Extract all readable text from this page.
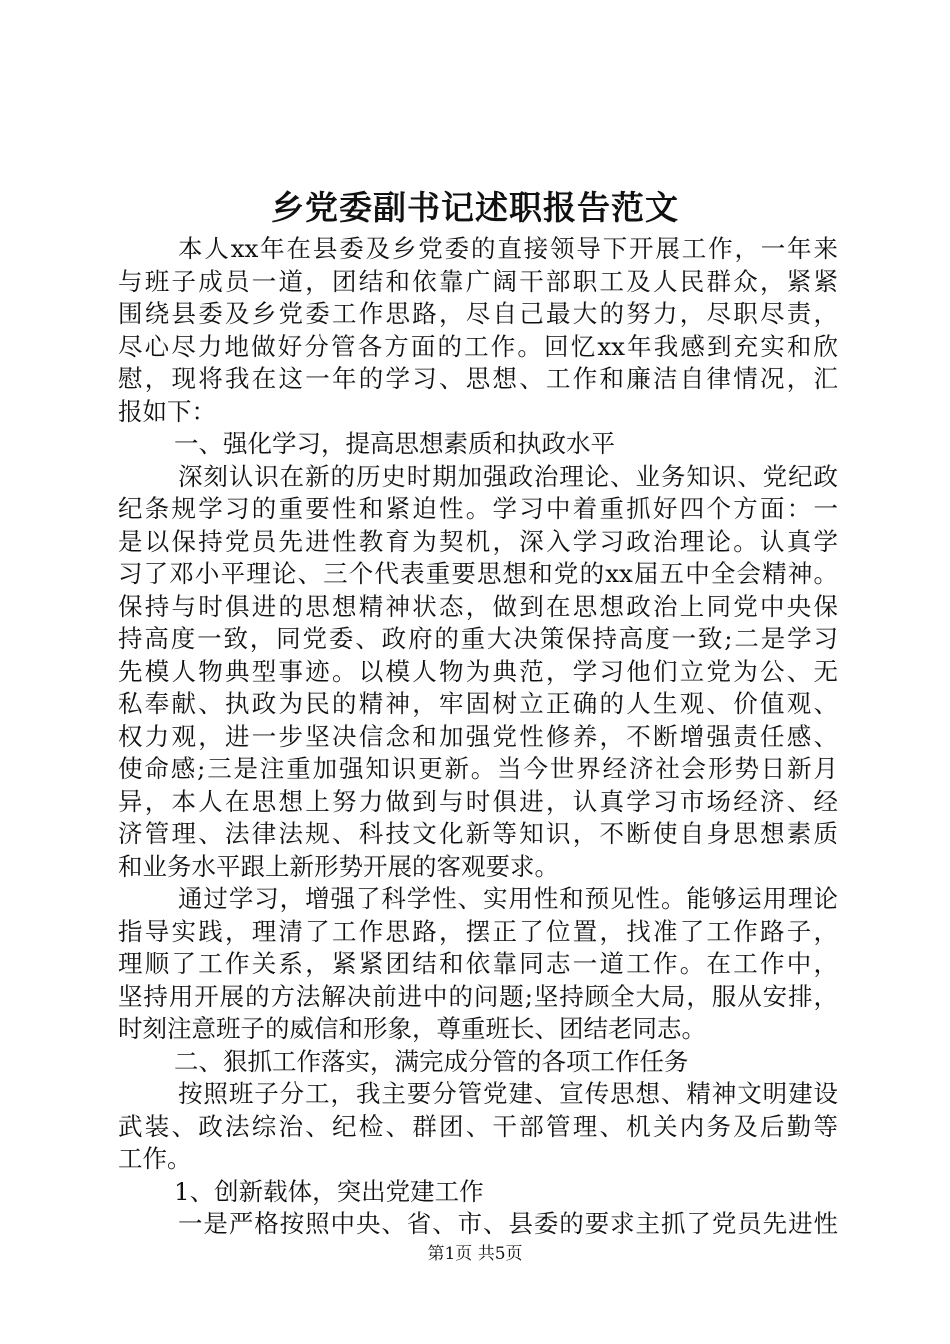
乡党委副书记述职报告范文
本人xx年在县委及乡党委的直接领导下开展工作，一年来
与班子成员一道，团结和依靠广阔干部职工及人民群众，紧紧
围绕县委及乡党委工作思路，尽自己最大的努力，尽职尽责，
尽心尽力地做好分管各方面的工作。回忆xx年我感到充实和欣
慰，现将我在这一年的学习、思想、工作和廉洁自律情况，汇
报如下：
一、强化学习，提高思想素质和执政水平
深刻认识在新的历史时期加强政治理论、业务知识、党纪政
纪条规学习的重要性和紧迫性。学习中着重抓好四个方面：一
是以保持党员先进性教育为契机，深入学习政治理论。认真学
习了邓小平理论、三个代表重要思想和党的xx届五中全会精神。
保持与时俱进的思想精神状态，做到在思想政治上同党中央保
持高度一致，同党委、政府的重大决策保持高度一致;二是学习
先模人物典型事迹。以模人物为典范，学习他们立党为公、无
私奉献、执政为民的精神，牢固树立正确的人生观、价值观、
权力观，进一步坚决信念和加强党性修养，不断增强责任感、
使命感;三是注重加强知识更新。当今世界经济社会形势日新月
异，本人在思想上努力做到与时俱进，认真学习市场经济、经
济管理、法律法规、科技文化新等知识，不断使自身思想素质
和业务水平跟上新形势开展的客观要求。
通过学习，增强了科学性、实用性和预见性。能够运用理论
指导实践，理清了工作思路，摆正了位置，找准了工作路子，
理顺了工作关系，紧紧团结和依靠同志一道工作。在工作中，
坚持用开展的方法解决前进中的问题;坚持顾全大局，服从安排，
时刻注意班子的威信和形象，尊重班长、团结老同志。
二、狠抓工作落实，满完成分管的各项工作任务
按照班子分工，我主要分管党建、宣传思想、精神文明建设
武装、政法综治、纪检、群团、干部管理、机关内务及后勤等
工作。
1、创新载体，突出党建工作
一是严格按照中央、省、市、县委的要求主抓了党员先进性
第1页 共5页
